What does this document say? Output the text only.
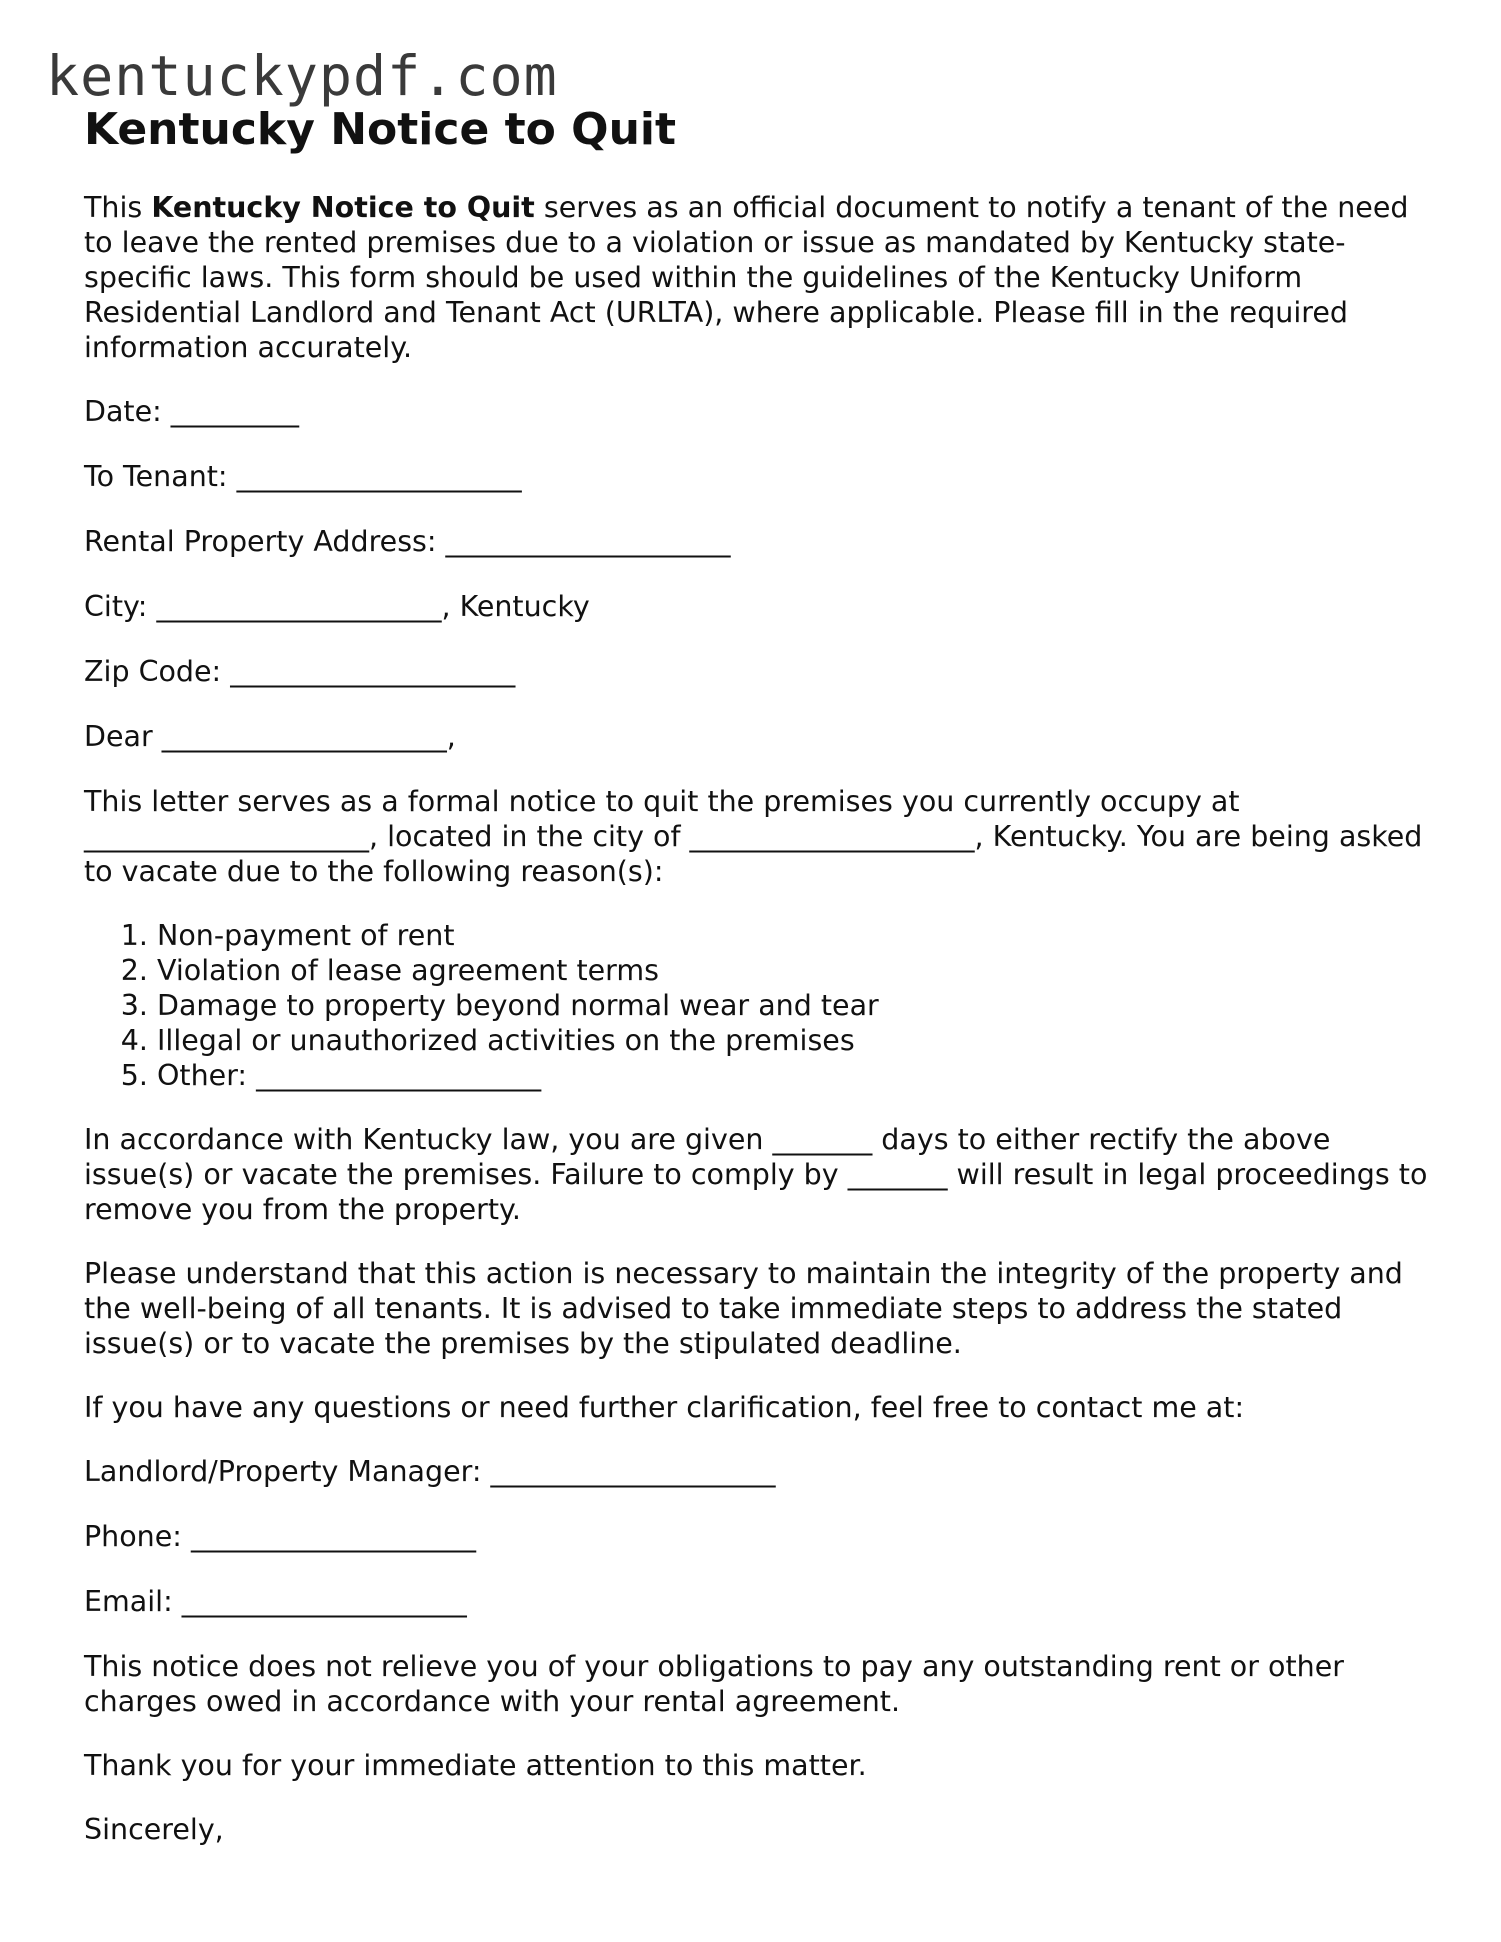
kentuckypdf.com
Kentucky Notice to Quit

This Kentucky Notice to Quit serves as an official document to notify a tenant of the need to leave the rented premises due to a violation or issue as mandated by Kentucky state-specific laws. This form should be used within the guidelines of the Kentucky Uniform Residential Landlord and Tenant Act (URLTA), where applicable. Please fill in the required information accurately.

Date: _________
To Tenant: ____________________
Rental Property Address: ____________________
City: ____________________, Kentucky
Zip Code: ____________________
Dear ____________________,

This letter serves as a formal notice to quit the premises you currently occupy at ____________________, located in the city of ____________________, Kentucky. You are being asked to vacate due to the following reason(s):

1. Non-payment of rent
2. Violation of lease agreement terms
3. Damage to property beyond normal wear and tear
4. Illegal or unauthorized activities on the premises
5. Other: ____________________

In accordance with Kentucky law, you are given _______ days to either rectify the above issue(s) or vacate the premises. Failure to comply by _______ will result in legal proceedings to remove you from the property.

Please understand that this action is necessary to maintain the integrity of the property and the well-being of all tenants. It is advised to take immediate steps to address the stated issue(s) or to vacate the premises by the stipulated deadline.

If you have any questions or need further clarification, feel free to contact me at:

Landlord/Property Manager: ____________________
Phone: ____________________
Email: ____________________

This notice does not relieve you of your obligations to pay any outstanding rent or other charges owed in accordance with your rental agreement.

Thank you for your immediate attention to this matter.

Sincerely,
